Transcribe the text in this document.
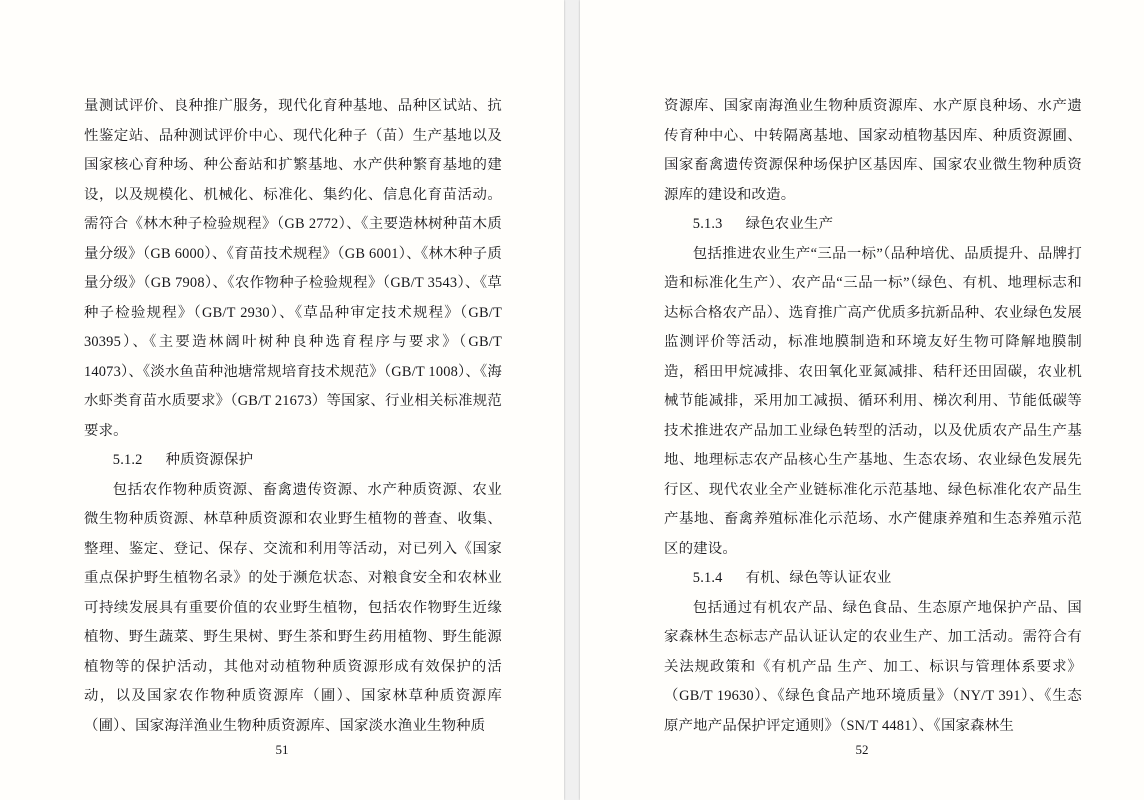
量测试评价、良种推广服务，现代化育种基地、品种区试站、抗性鉴定站、品种测试评价中心、现代化种子（苗）生产基地以及国家核心育种场、种公畜站和扩繁基地、水产供种繁育基地的建设，以及规模化、机械化、标准化、集约化、信息化育苗活动。需符合《林木种子检验规程》（GB 2772）、《主要造林树种苗木质量分级》（GB 6000）、《育苗技术规程》（GB 6001）、《林木种子质量分级》（GB 7908）、《农作物种子检验规程》（GB/T 3543）、《草种子检验规程》（GB/T 2930）、《草品种审定技术规程》（GB/T 30395）、《主要造林阔叶树种良种选育程序与要求》（GB/T 14073）、《淡水鱼苗种池塘常规培育技术规范》（GB/T 1008）、《海水虾类育苗水质要求》（GB/T 21673）等国家、行业相关标准规范要求。

5.1.2 种质资源保护

包括农作物种质资源、畜禽遗传资源、水产种质资源、农业微生物种质资源、林草种质资源和农业野生植物的普查、收集、整理、鉴定、登记、保存、交流和利用等活动，对已列入《国家重点保护野生植物名录》的处于濒危状态、对粮食安全和农林业可持续发展具有重要价值的农业野生植物，包括农作物野生近缘植物、野生蔬菜、野生果树、野生茶和野生药用植物、野生能源植物等的保护活动，其他对动植物种质资源形成有效保护的活动，以及国家农作物种质资源库（圃）、国家林草种质资源库（圃）、国家海洋渔业生物种质资源库、国家淡水渔业生物种质

51

资源库、国家南海渔业生物种质资源库、水产原良种场、水产遗传育种中心、中转隔离基地、国家动植物基因库、种质资源圃、国家畜禽遗传资源保种场保护区基因库、国家农业微生物种质资源库的建设和改造。

5.1.3 绿色农业生产

包括推进农业生产“三品一标”（品种培优、品质提升、品牌打造和标准化生产）、农产品“三品一标”（绿色、有机、地理标志和达标合格农产品）、选育推广高产优质多抗新品种、农业绿色发展监测评价等活动，标准地膜制造和环境友好生物可降解地膜制造，稻田甲烷减排、农田氧化亚氮减排、秸秆还田固碳，农业机械节能减排，采用加工减损、循环利用、梯次利用、节能低碳等技术推进农产品加工业绿色转型的活动，以及优质农产品生产基地、地理标志农产品核心生产基地、生态农场、农业绿色发展先行区、现代农业全产业链标准化示范基地、绿色标准化农产品生产基地、畜禽养殖标准化示范场、水产健康养殖和生态养殖示范区的建设。

5.1.4 有机、绿色等认证农业

包括通过有机农产品、绿色食品、生态原产地保护产品、国家森林生态标志产品认证认定的农业生产、加工活动。需符合有关法规政策和《有机产品 生产、加工、标识与管理体系要求》（GB/T 19630）、《绿色食品产地环境质量》（NY/T 391）、《生态原产地产品保护评定通则》（SN/T 4481）、《国家森林生

52
